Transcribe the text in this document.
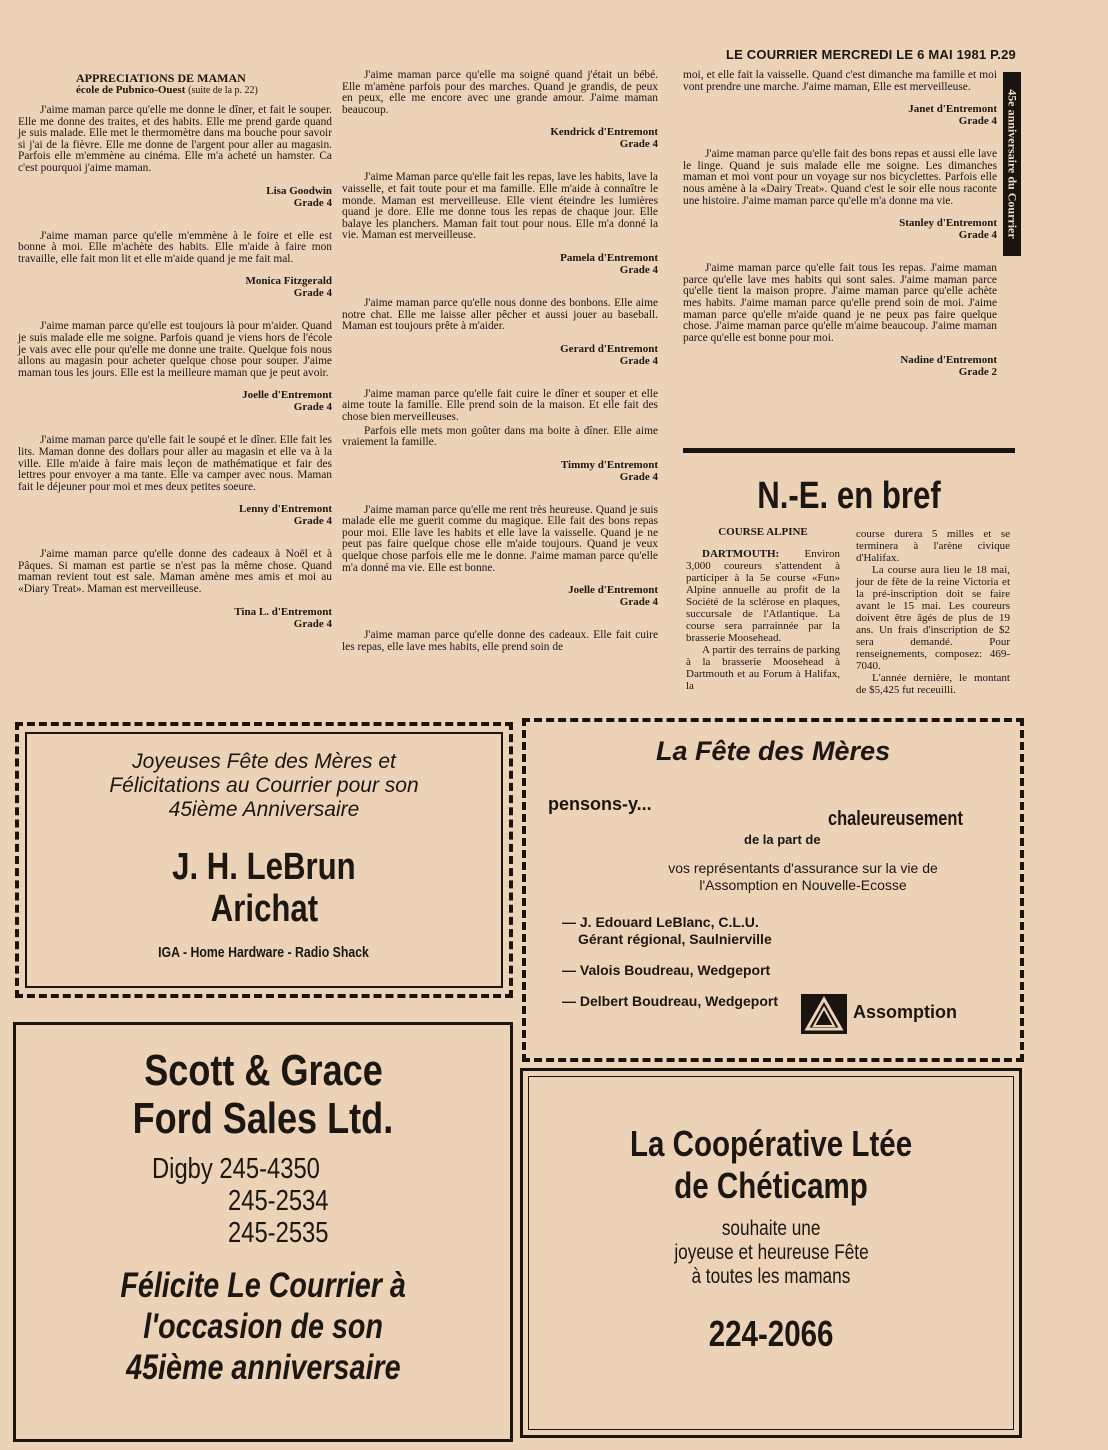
LE COURRIER MERCREDI LE 6 MAI 1981 P.29
APPRECIATIONS DE MAMAN
école de Pubnico-Ouest (suite de la p. 22)

J'aime maman parce qu'elle me donne le dîner, et fait le souper. Elle me donne des traites, et des habits. Elle me prend garde quand je suis malade. Elle met le thermomètre dans ma bouche pour savoir si j'ai de la fièvre. Elle me donne de l'argent pour aller au magasin. Parfois elle m'emmène au cinéma. Elle m'a acheté un hamster. Ca c'est pourquoi j'aime maman.

Lisa Goodwin
Grade 4

J'aime maman parce qu'elle m'emmène à le foire et elle est bonne à moi. Elle m'achète des habits. Elle m'aide à faire mon travaille, elle fait mon lit et elle m'aide quand je me fait mal.

Monica Fitzgerald
Grade 4

J'aime maman parce qu'elle est toujours là pour m'aider. Quand je suis malade elle me soigne. Parfois quand je viens hors de l'école je vais avec elle pour qu'elle me donne une traite. Quelque fois nous allons au magasin pour acheter quelque chose pour souper. J'aime maman tous les jours. Elle est la meilleure maman que je peut avoir.

Joelle d'Entremont
Grade 4

J'aime maman parce qu'elle fait le soupé et le dîner. Elle fait les lits. Maman donne des dollars pour aller au magasin et elle va à la ville. Elle m'aide à faire mais leçon de mathématique et fair des lettres pour envoyer a ma tante. Elle va camper avec nous. Maman fait le déjeuner pour moi et mes deux petites soeure.

Lenny d'Entremont
Grade 4

J'aime maman parce qu'elle donne des cadeaux à Noël et à Pâques. Si maman est partie se n'est pas la même chose. Quand maman revient tout est sale. Maman amène mes amis et moi au «Diary Treat». Maman est merveilleuse.

Tina L. d'Entremont
Grade 4

J'aime maman parce qu'elle ma soigné quand j'était un bébé. Elle m'amène parfois pour des marches. Quand je grandis, de peux en peux, elle me encore avec une grande amour. J'aime maman beaucoup.

Kendrick d'Entremont
Grade 4

J'aime Maman parce qu'elle fait les repas, lave les habits, lave la vaisselle, et fait toute pour et ma famille. Elle m'aide à connaître le monde. Maman est merveilleuse. Elle vient éteindre les lumières quand je dore. Elle me donne tous les repas de chaque jour. Elle balaye les planchers. Maman fait tout pour nous. Elle m'a donné la vie. Maman est merveilleuse.

Pamela d'Entremont
Grade 4

J'aime maman parce qu'elle nous donne des bonbons. Elle aime notre chat. Elle me laisse aller pêcher et aussi jouer au baseball. Maman est toujours prête à m'aider.

Gerard d'Entremont
Grade 4

J'aime maman parce qu'elle fait cuire le dîner et souper et elle aime toute la famille. Elle prend soin de la maison. Et elle fait des chose bien merveilleuses.

Parfois elle mets mon goûter dans ma boite à dîner. Elle aime vraiement la famille.

Timmy d'Entremont
Grade 4

J'aime maman parce qu'elle me rent très heureuse. Quand je suis malade elle me guerit comme du magique. Elle fait des bons repas pour moi. Elle lave les habits et elle lave la vaisselle. Quand je ne peut pas faire quelque chose elle m'aide toujours. Quand je veux quelque chose parfois elle me le donne. J'aime maman parce qu'elle m'a donné ma vie. Elle est bonne.

Joelle d'Entremont
Grade 4

J'aime maman parce qu'elle donne des cadeaux. Elle fait cuire les repas, elle lave mes habits, elle prend soin de

moi, et elle fait la vaisselle. Quand c'est dimanche ma famille et moi vont prendre une marche. J'aime maman, Elle est merveilleuse.

Janet d'Entremont
Grade 4

J'aime maman parce qu'elle fait des bons repas et aussi elle lave le linge. Quand je suis malade elle me soigne. Les dimanches maman et moi vont pour un voyage sur nos bicyclettes. Parfois elle nous amène à la «Dairy Treat». Quand c'est le soir elle nous raconte une histoire. J'aime maman parce qu'elle m'a donne ma vie.

Stanley d'Entremont
Grade 4

J'aime maman parce qu'elle fait tous les repas. J'aime maman parce qu'elle lave mes habits qui sont sales. J'aime maman parce qu'elle tient la maison propre. J'aime maman parce qu'elle achète mes habits. J'aime maman parce qu'elle prend soin de moi. J'aime maman parce qu'elle m'aide quand je ne peux pas faire quelque chose. J'aime maman parce qu'elle m'aime beaucoup. J'aime maman parce qu'elle est bonne pour moi.

Nadine d'Entremont
Grade 2
45e anniversaire du Courrier
N.-E. en bref
COURSE ALPINE

DARTMOUTH: Environ 3,000 coureurs s'attendent à participer à la 5e course «Fun» Alpine annuelle au profit de la Société de la sclérose en plaques, succursale de l'Atlantique. La course sera parrainnée par la brasserie Moosehead.

A partir des terrains de parking à la brasserie Moosehead à Dartmouth et au Forum à Halifax, la

course durera 5 milles et se terminera à l'arène civique d'Halifax.

La course aura lieu le 18 mai, jour de fête de la reine Victoria et la pré-inscription doit se faire avant le 15 mai. Les coureurs doivent être âgés de plus de 19 ans. Un frais d'inscription de $2 sera demandé. Pour renseignements, composez: 469-7040.

L'année dernière, le montant de $5,425 fut receuilli.

Joyeuses Fête des Mères et
Félicitations au Courrier pour son
45ième Anniversaire
J. H. LeBrun
Arichat
IGA - Home Hardware - Radio Shack
La Fête des Mères
pensons-y...
chaleureusement
de la part de
vos représentants d'assurance sur la vie de
l'Assomption en Nouvelle-Ecosse
— J. Edouard LeBlanc, C.L.U.
Gérant régional, Saulnierville
— Valois Boudreau, Wedgeport
— Delbert Boudreau, Wedgeport
Assomption
Scott & Grace
Ford Sales Ltd.
Digby 245-4350
245-2534
245-2535
Félicite Le Courrier à
l'occasion de son
45ième anniversaire
La Coopérative Ltée
de Chéticamp
souhaite une
joyeuse et heureuse Fête
à toutes les mamans
224-2066
